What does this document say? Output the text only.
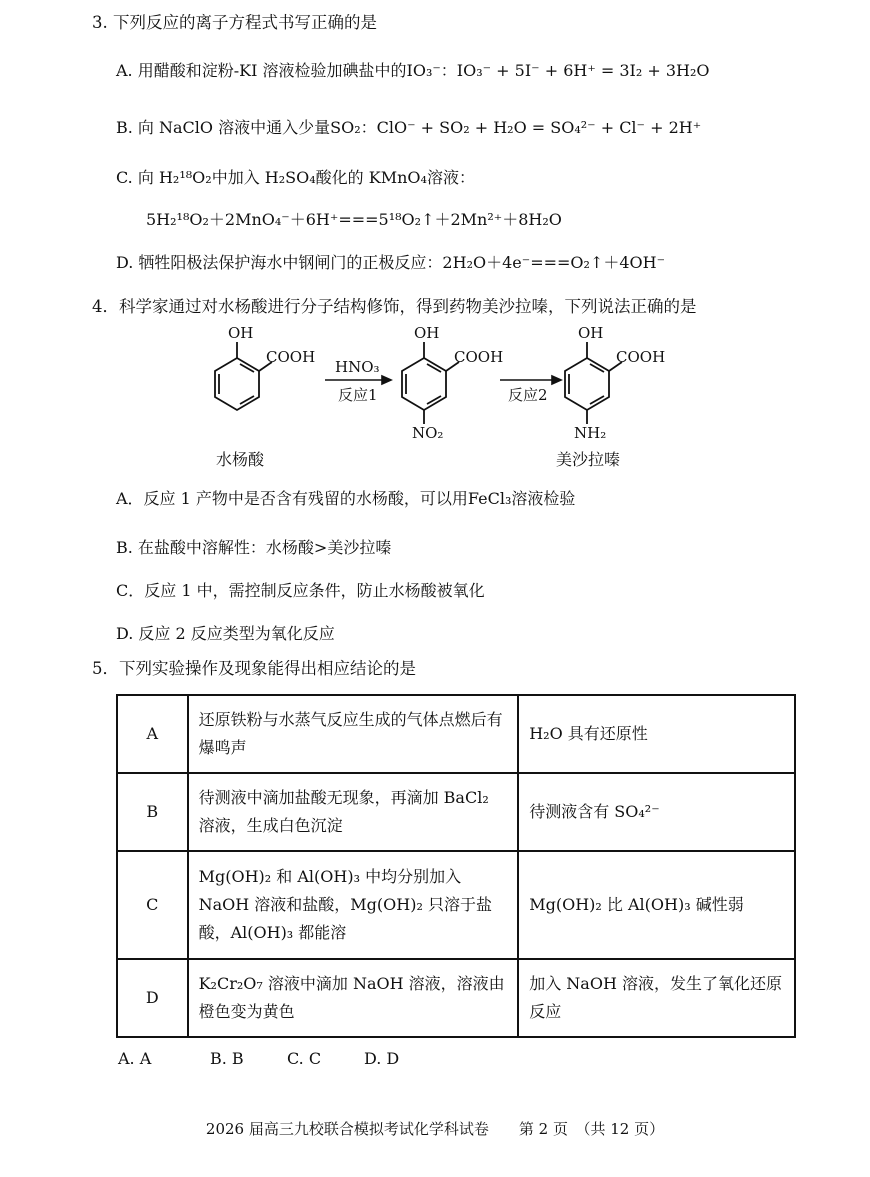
3. 下列反应的离子方程式书写正确的是
A. 用醋酸和淀粉-KI 溶液检验加碘盐中的IO₃⁻：IO₃⁻ + 5I⁻ + 6H⁺ = 3I₂ + 3H₂O
B. 向 NaClO 溶液中通入少量SO₂：ClO⁻ + SO₂ + H₂O = SO₄²⁻ + Cl⁻ + 2H⁺
C. 向 H₂¹⁸O₂中加入 H₂SO₄酸化的 KMnO₄溶液：
5H₂¹⁸O₂＋2MnO₄⁻＋6H⁺===5¹⁸O₂↑＋2Mn²⁺＋8H₂O
D. 牺牲阳极法保护海水中钢闸门的正极反应：2H₂O＋4e⁻===O₂↑＋4OH⁻
4．科学家通过对水杨酸进行分子结构修饰，得到药物美沙拉嗪，下列说法正确的是
OH
COOH
水杨酸
HNO₃
反应1
OH
COOH
NO₂
反应2
OH
COOH
NH₂
美沙拉嗪
A．反应 1 产物中是否含有残留的水杨酸，可以用FeCl₃溶液检验
B. 在盐酸中溶解性：水杨酸>美沙拉嗪
C．反应 1 中，需控制反应条件，防止水杨酸被氧化
D. 反应 2 反应类型为氧化反应
5．下列实验操作及现象能得出相应结论的是
A	还原铁粉与水蒸气反应生成的气体点燃后有爆鸣声	H₂O 具有还原性
B	待测液中滴加盐酸无现象，再滴加 BaCl₂ 溶液，生成白色沉淀	待测液含有 SO₄²⁻
C	Mg(OH)₂ 和 Al(OH)₃ 中均分别加入 NaOH 溶液和盐酸，Mg(OH)₂ 只溶于盐酸，Al(OH)₃ 都能溶	Mg(OH)₂ 比 Al(OH)₃ 碱性弱
D	K₂Cr₂O₇ 溶液中滴加 NaOH 溶液，溶液由橙色变为黄色	加入 NaOH 溶液，发生了氧化还原反应
A. A	B. B	C. C	D. D
2026 届高三九校联合模拟考试化学科试卷　　第 2 页　（共 12 页）
